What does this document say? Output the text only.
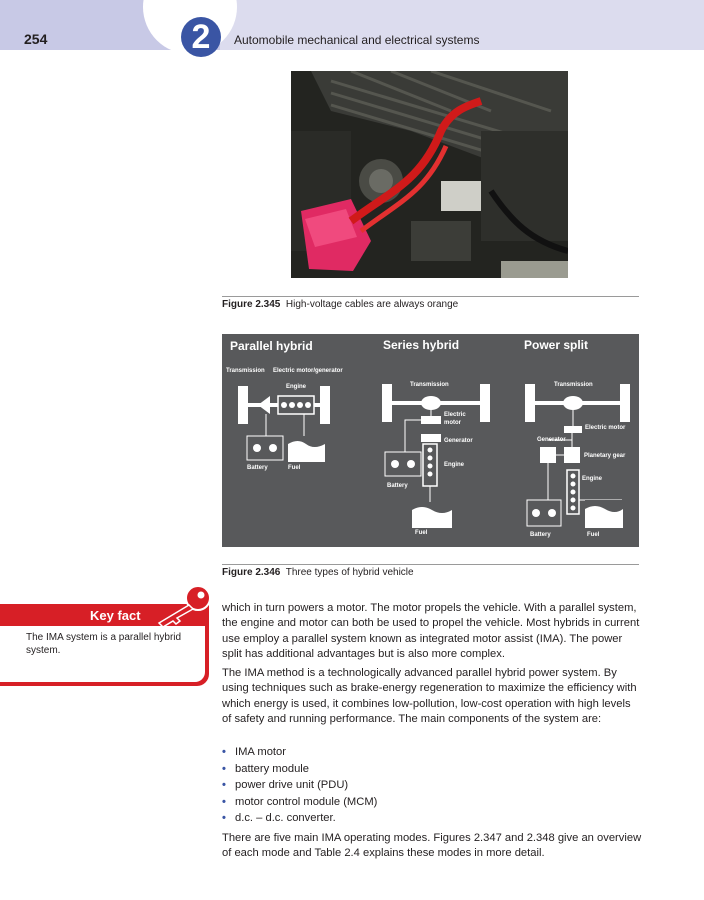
254	2	Automobile mechanical and electrical systems
Figure 2.345 High-voltage cables are always orange
Parallel hybrid	Series hybrid	Power split
Transmission Electric motor/generator
Engine
Battery	Fuel
Transmission
Electric
motor
Generator
Engine
Battery
Fuel
Transmission
Electric motor
Generator
Planetary gear
Engine
Battery	Fuel
Figure 2.346 Three types of hybrid vehicle
Key fact
The IMA system is a parallel hybrid system.

which in turn powers a motor. The motor propels the vehicle. With a parallel system, the engine and motor can both be used to propel the vehicle. Most hybrids in current use employ a parallel system known as integrated motor assist (IMA). The power split has additional advantages but is also more complex.

The IMA method is a technologically advanced parallel hybrid power system. By using techniques such as brake-energy regeneration to maximize the efficiency with which energy is used, it combines low-pollution, low-cost operation with high levels of safety and running performance. The main components of the system are:

• IMA motor
• battery module
• power drive unit (PDU)
• motor control module (MCM)
• d.c. – d.c. converter.

There are five main IMA operating modes. Figures 2.347 and 2.348 give an overview of each mode and Table 2.4 explains these modes in more detail.
